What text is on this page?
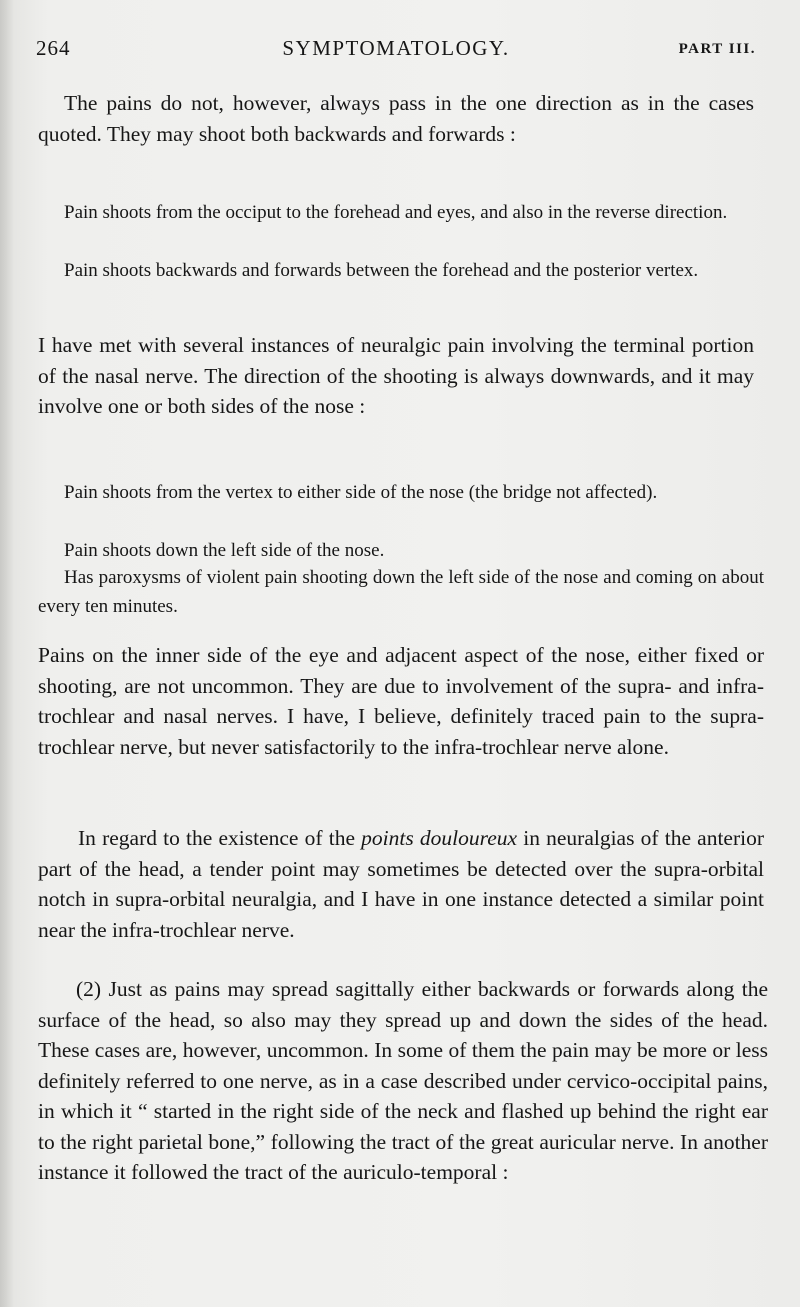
264	SYMPTOMATOLOGY.	PART III.
The pains do not, however, always pass in the one direction as in the cases quoted. They may shoot both backwards and forwards :
Pain shoots from the occiput to the forehead and eyes, and also in the reverse direction.
Pain shoots backwards and forwards between the forehead and the posterior vertex.
I have met with several instances of neuralgic pain involving the terminal portion of the nasal nerve. The direction of the shooting is always downwards, and it may involve one or both sides of the nose :
Pain shoots from the vertex to either side of the nose (the bridge not affected).
Pain shoots down the left side of the nose.
Has paroxysms of violent pain shooting down the left side of the nose and coming on about every ten minutes.
Pains on the inner side of the eye and adjacent aspect of the nose, either fixed or shooting, are not uncommon. They are due to involvement of the supra- and infra-trochlear and nasal nerves. I have, I believe, definitely traced pain to the supra-trochlear nerve, but never satisfactorily to the infra-trochlear nerve alone.
In regard to the existence of the points douloureux in neuralgias of the anterior part of the head, a tender point may sometimes be detected over the supra-orbital notch in supra-orbital neuralgia, and I have in one instance detected a similar point near the infra-trochlear nerve.
(2) Just as pains may spread sagittally either backwards or forwards along the surface of the head, so also may they spread up and down the sides of the head. These cases are, however, uncommon. In some of them the pain may be more or less definitely referred to one nerve, as in a case described under cervico-occipital pains, in which it “ started in the right side of the neck and flashed up behind the right ear to the right parietal bone,” following the tract of the great auricular nerve. In another instance it followed the tract of the auriculo-temporal :
